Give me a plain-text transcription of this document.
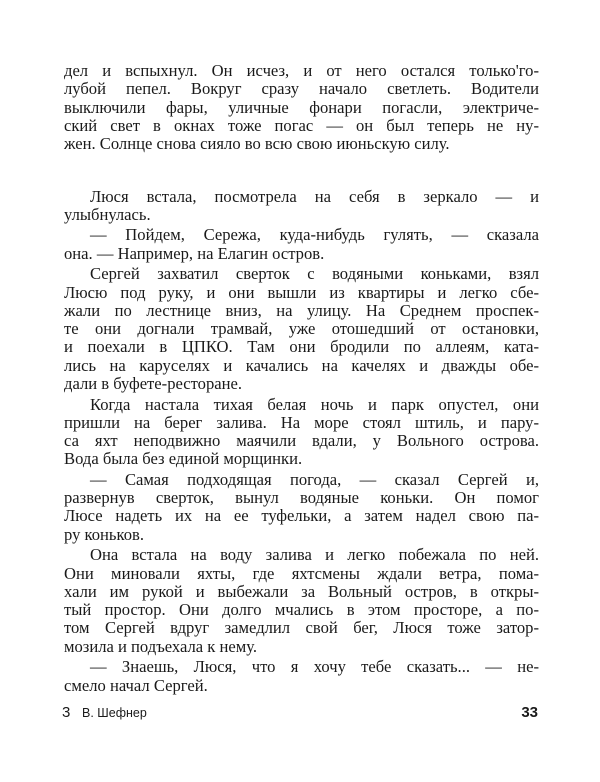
дел и вспыхнул. Он исчез, и от него остался только'го-
лубой пепел. Вокруг сразу начало светлеть. Водители
выключили фары, уличные фонари погасли, электриче-
ский свет в окнах тоже погас — он был теперь не ну-
жен. Солнце снова сияло во всю свою июньскую силу.
Люся встала, посмотрела на себя в зеркало — и
улыбнулась.
— Пойдем, Сережа, куда-нибудь гулять, — сказала
она. — Например, на Елагин остров.
Сергей захватил сверток с водяными коньками, взял
Люсю под руку, и они вышли из квартиры и легко сбе-
жали по лестнице вниз, на улицу. На Среднем проспек-
те они догнали трамвай, уже отошедший от остановки,
и поехали в ЦПКО. Там они бродили по аллеям, ката-
лись на каруселях и качались на качелях и дважды обе-
дали в буфете-ресторане.
Когда настала тихая белая ночь и парк опустел, они
пришли на берег залива. На море стоял штиль, и пару-
са яхт неподвижно маячили вдали, у Вольного острова.
Вода была без единой морщинки.
— Самая подходящая погода, — сказал Сергей и,
развернув сверток, вынул водяные коньки. Он помог
Люсе надеть их на ее туфельки, а затем надел свою па-
ру коньков.
Она встала на воду залива и легко побежала по ней.
Они миновали яхты, где яхтсмены ждали ветра, пома-
хали им рукой и выбежали за Вольный остров, в откры-
тый простор. Они долго мчались в этом просторе, а по-
том Сергей вдруг замедлил свой бег, Люся тоже затор-
мозила и подъехала к нему.
— Знаешь, Люся, что я хочу тебе сказать... — не-
смело начал Сергей.
3 В. Шефнер	33
